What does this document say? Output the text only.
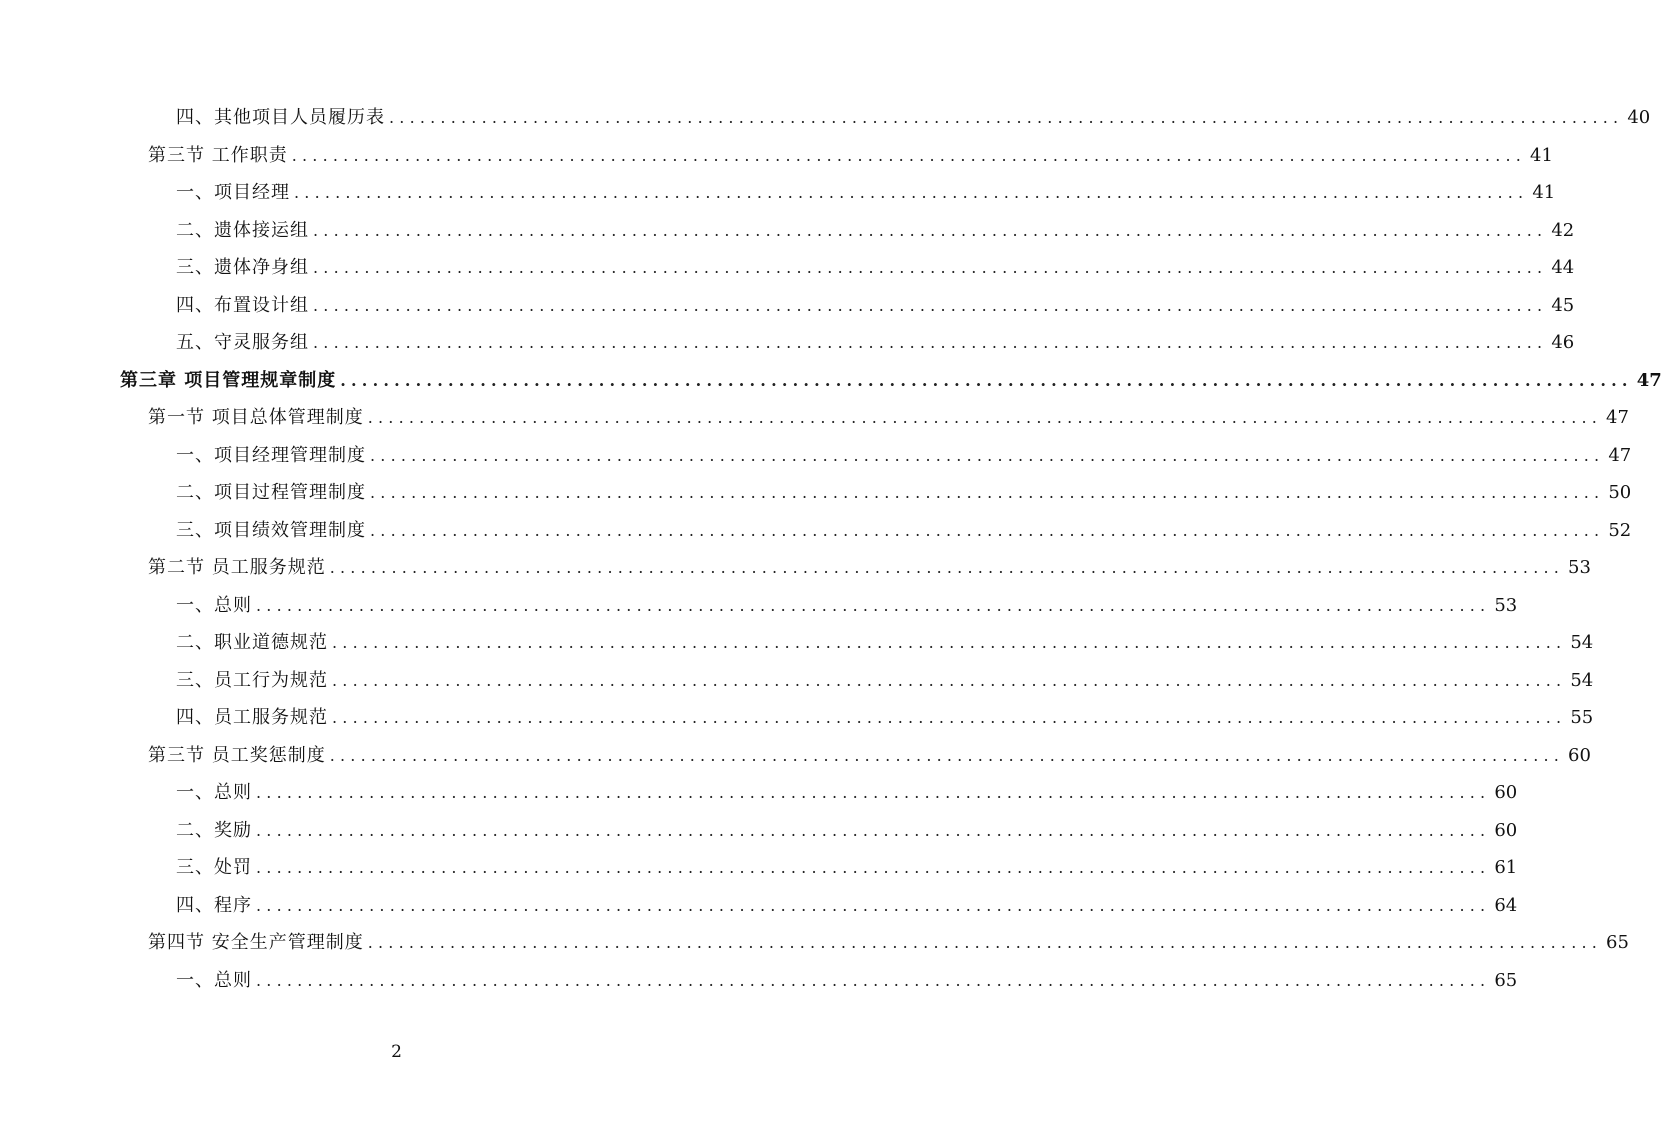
四、其他项目人员履历表 ........................................................................................................................ 40
第三节 工作职责 ........................................................................................................................ 41
一、项目经理 ........................................................................................................................ 41
二、遗体接运组 ........................................................................................................................ 42
三、遗体净身组 ........................................................................................................................ 44
四、布置设计组 ........................................................................................................................ 45
五、守灵服务组 ........................................................................................................................ 46
第三章 项目管理规章制度 ........................................................................................................................ 47
第一节 项目总体管理制度 ........................................................................................................................ 47
一、项目经理管理制度 ........................................................................................................................ 47
二、项目过程管理制度 ........................................................................................................................ 50
三、项目绩效管理制度 ........................................................................................................................ 52
第二节 员工服务规范 ........................................................................................................................ 53
一、总则 ........................................................................................................................ 53
二、职业道德规范 ........................................................................................................................ 54
三、员工行为规范 ........................................................................................................................ 54
四、员工服务规范 ........................................................................................................................ 55
第三节 员工奖惩制度 ........................................................................................................................ 60
一、总则 ........................................................................................................................ 60
二、奖励 ........................................................................................................................ 60
三、处罚 ........................................................................................................................ 61
四、程序 ........................................................................................................................ 64
第四节 安全生产管理制度 ........................................................................................................................ 65
一、总则 ........................................................................................................................ 65
2
